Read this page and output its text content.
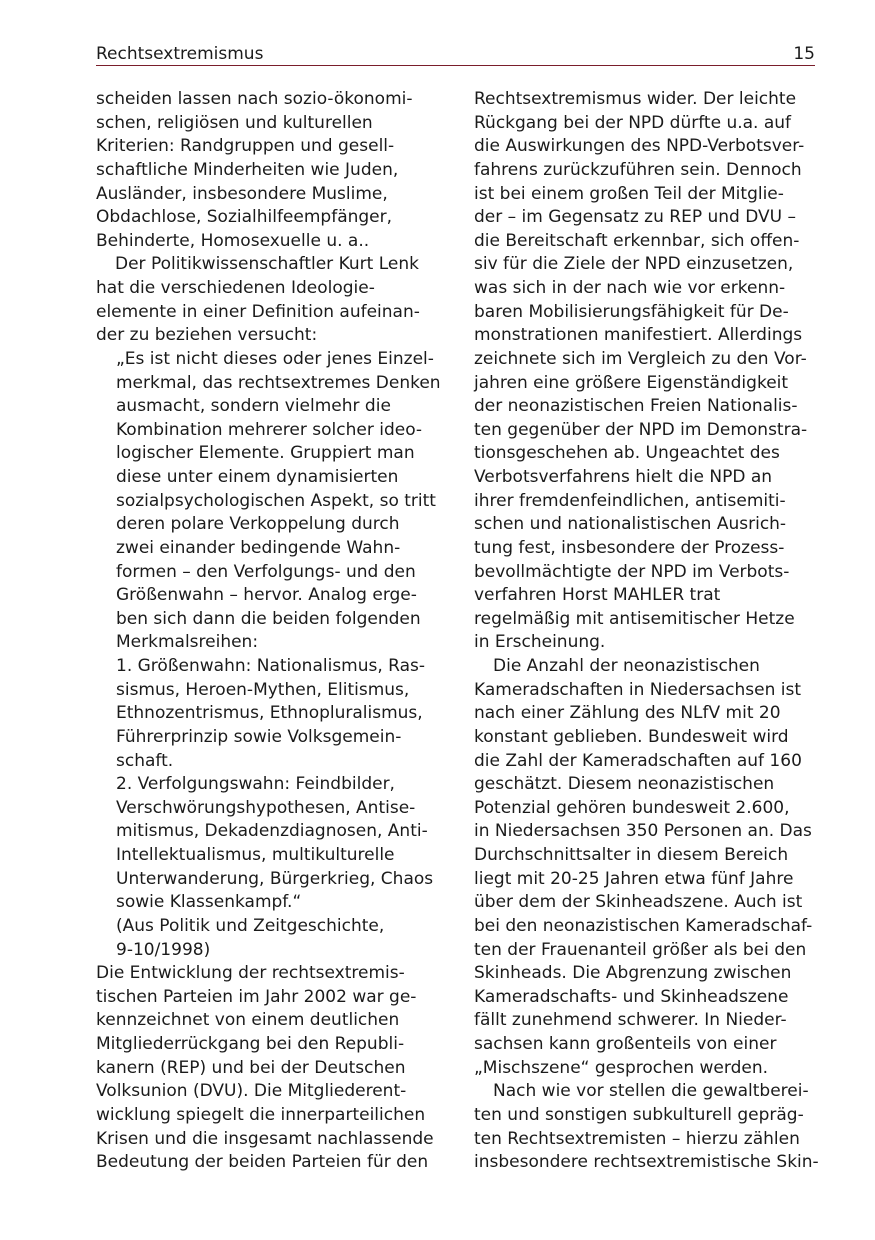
Rechtsextremismus	15
scheiden lassen nach sozio-ökonomi-
schen, religiösen und kulturellen
Kriterien: Randgruppen und gesell-
schaftliche Minderheiten wie Juden,
Ausländer, insbesondere Muslime,
Obdachlose, Sozialhilfeempfänger,
Behinderte, Homosexuelle u. a..
Der Politikwissenschaftler Kurt Lenk
hat die verschiedenen Ideologie-
elemente in einer Definition aufeinan-
der zu beziehen versucht:
„Es ist nicht dieses oder jenes Einzel-
merkmal, das rechtsextremes Denken
ausmacht, sondern vielmehr die
Kombination mehrerer solcher ideo-
logischer Elemente. Gruppiert man
diese unter einem dynamisierten
sozialpsychologischen Aspekt, so tritt
deren polare Verkoppelung durch
zwei einander bedingende Wahn-
formen – den Verfolgungs- und den
Größenwahn – hervor. Analog erge-
ben sich dann die beiden folgenden
Merkmalsreihen:
1. Größenwahn: Nationalismus, Ras-
sismus, Heroen-Mythen, Elitismus,
Ethnozentrismus, Ethnopluralismus,
Führerprinzip sowie Volksgemein-
schaft.
2. Verfolgungswahn: Feindbilder,
Verschwörungshypothesen, Antise-
mitismus, Dekadenzdiagnosen, Anti-
Intellektualismus, multikulturelle
Unterwanderung, Bürgerkrieg, Chaos
sowie Klassenkampf.“
(Aus Politik und Zeitgeschichte,
9-10/1998)
Die Entwicklung der rechtsextremis-
tischen Parteien im Jahr 2002 war ge-
kennzeichnet von einem deutlichen
Mitgliederrückgang bei den Republi-
kanern (REP) und bei der Deutschen
Volksunion (DVU). Die Mitgliederent-
wicklung spiegelt die innerparteilichen
Krisen und die insgesamt nachlassende
Bedeutung der beiden Parteien für den
Rechtsextremismus wider. Der leichte
Rückgang bei der NPD dürfte u.a. auf
die Auswirkungen des NPD-Verbotsver-
fahrens zurückzuführen sein. Dennoch
ist bei einem großen Teil der Mitglie-
der – im Gegensatz zu REP und DVU –
die Bereitschaft erkennbar, sich offen-
siv für die Ziele der NPD einzusetzen,
was sich in der nach wie vor erkenn-
baren Mobilisierungsfähigkeit für De-
monstrationen manifestiert. Allerdings
zeichnete sich im Vergleich zu den Vor-
jahren eine größere Eigenständigkeit
der neonazistischen Freien Nationalis-
ten gegenüber der NPD im Demonstra-
tionsgeschehen ab. Ungeachtet des
Verbotsverfahrens hielt die NPD an
ihrer fremdenfeindlichen, antisemiti-
schen und nationalistischen Ausrich-
tung fest, insbesondere der Prozess-
bevollmächtigte der NPD im Verbots-
verfahren Horst MAHLER trat
regelmäßig mit antisemitischer Hetze
in Erscheinung.
Die Anzahl der neonazistischen
Kameradschaften in Niedersachsen ist
nach einer Zählung des NLfV mit 20
konstant geblieben. Bundesweit wird
die Zahl der Kameradschaften auf 160
geschätzt. Diesem neonazistischen
Potenzial gehören bundesweit 2.600,
in Niedersachsen 350 Personen an. Das
Durchschnittsalter in diesem Bereich
liegt mit 20-25 Jahren etwa fünf Jahre
über dem der Skinheadszene. Auch ist
bei den neonazistischen Kameradschaf-
ten der Frauenanteil größer als bei den
Skinheads. Die Abgrenzung zwischen
Kameradschafts- und Skinheadszene
fällt zunehmend schwerer. In Nieder-
sachsen kann großenteils von einer
„Mischszene“ gesprochen werden.
Nach wie vor stellen die gewaltberei-
ten und sonstigen subkulturell gepräg-
ten Rechtsextremisten – hierzu zählen
insbesondere rechtsextremistische Skin-
